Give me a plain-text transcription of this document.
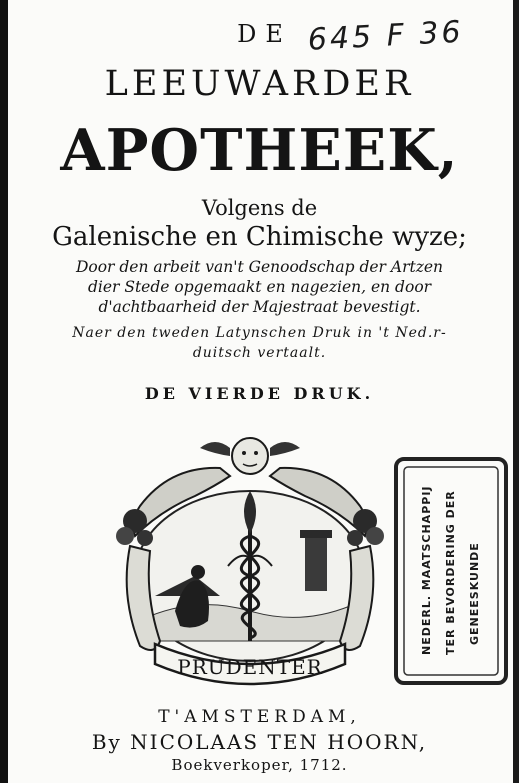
645 F 36
DE
LEEUWARDER
APOTHEEK,
Volgens de
Galenische en Chimische wyze;
Door den arbeit van't Genoodschap der Artzen
dier Stede opgemaakt en nagezien, en door
d'achtbaarheid der Majestraat bevestigt.
Naer den tweden Latynschen Druk in 't Ned.r-
duitsch vertaalt.
DE VIERDE DRUK.
PRUDENTER
NEDERL. MAATSCHAPPIJ TER BEVORDERING DER GENEESKUNDE
T'AMSTERDAM,
By NICOLAAS TEN HOORN,
Boekverkoper, 1712.
